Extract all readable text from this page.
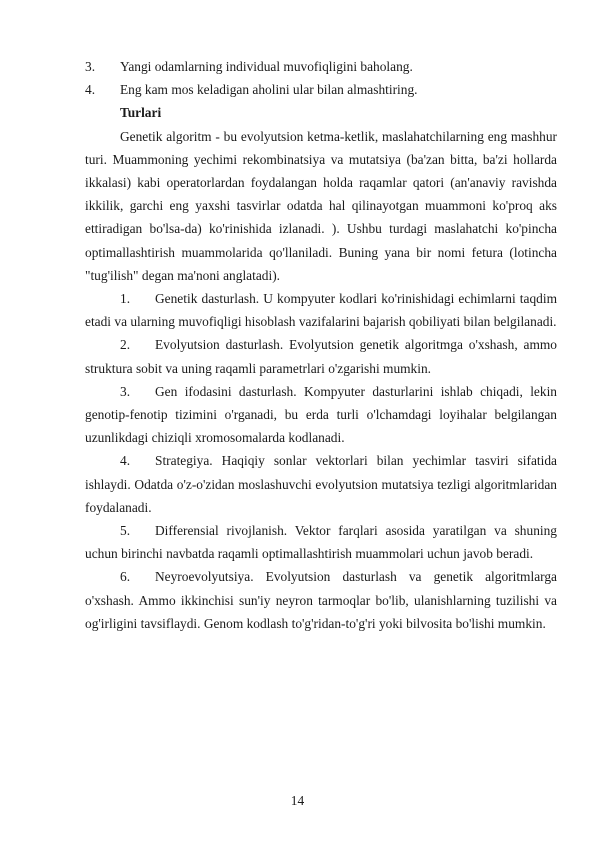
3.	Yangi odamlarning individual muvofiqligini baholang.
4.	Eng kam mos keladigan aholini ular bilan almashtiring.
Turlari

Genetik algoritm - bu evolyutsion ketma-ketlik, maslahatchilarning eng mashhur turi. Muammoning yechimi rekombinatsiya va mutatsiya (ba'zan bitta, ba'zi hollarda ikkalasi) kabi operatorlardan foydalangan holda raqamlar qatori (an'anaviy ravishda ikkilik, garchi eng yaxshi tasvirlar odatda hal qilinayotgan muammoni ko'proq aks ettiradigan bo'lsa-da) ko'rinishida izlanadi. ). Ushbu turdagi maslahatchi ko'pincha optimallashtirish muammolarida qo'llaniladi. Buning yana bir nomi fetura (lotincha "tug'ilish" degan ma'noni anglatadi).

1. Genetik dasturlash. U kompyuter kodlari ko'rinishidagi echimlarni taqdim etadi va ularning muvofiqligi hisoblash vazifalarini bajarish qobiliyati bilan belgilanadi.

2. Evolyutsion dasturlash. Evolyutsion genetik algoritmga o'xshash, ammo struktura sobit va uning raqamli parametrlari o'zgarishi mumkin.

3. Gen ifodasini dasturlash. Kompyuter dasturlarini ishlab chiqadi, lekin genotip-fenotip tizimini o'rganadi, bu erda turli o'lchamdagi loyihalar belgilangan uzunlikdagi chiziqli xromosomalarda kodlanadi.

4. Strategiya. Haqiqiy sonlar vektorlari bilan yechimlar tasviri sifatida ishlaydi. Odatda o'z-o'zidan moslashuvchi evolyutsion mutatsiya tezligi algoritmlaridan foydalanadi.

5. Differensial rivojlanish. Vektor farqlari asosida yaratilgan va shuning uchun birinchi navbatda raqamli optimallashtirish muammolari uchun javob beradi.

6. Neyroevolyutsiya. Evolyutsion dasturlash va genetik algoritmlarga o'xshash. Ammo ikkinchisi sun'iy neyron tarmoqlar bo'lib, ulanishlarning tuzilishi va og'irligini tavsiflaydi. Genom kodlash to'g'ridan-to'g'ri yoki bilvosita bo'lishi mumkin.

14
